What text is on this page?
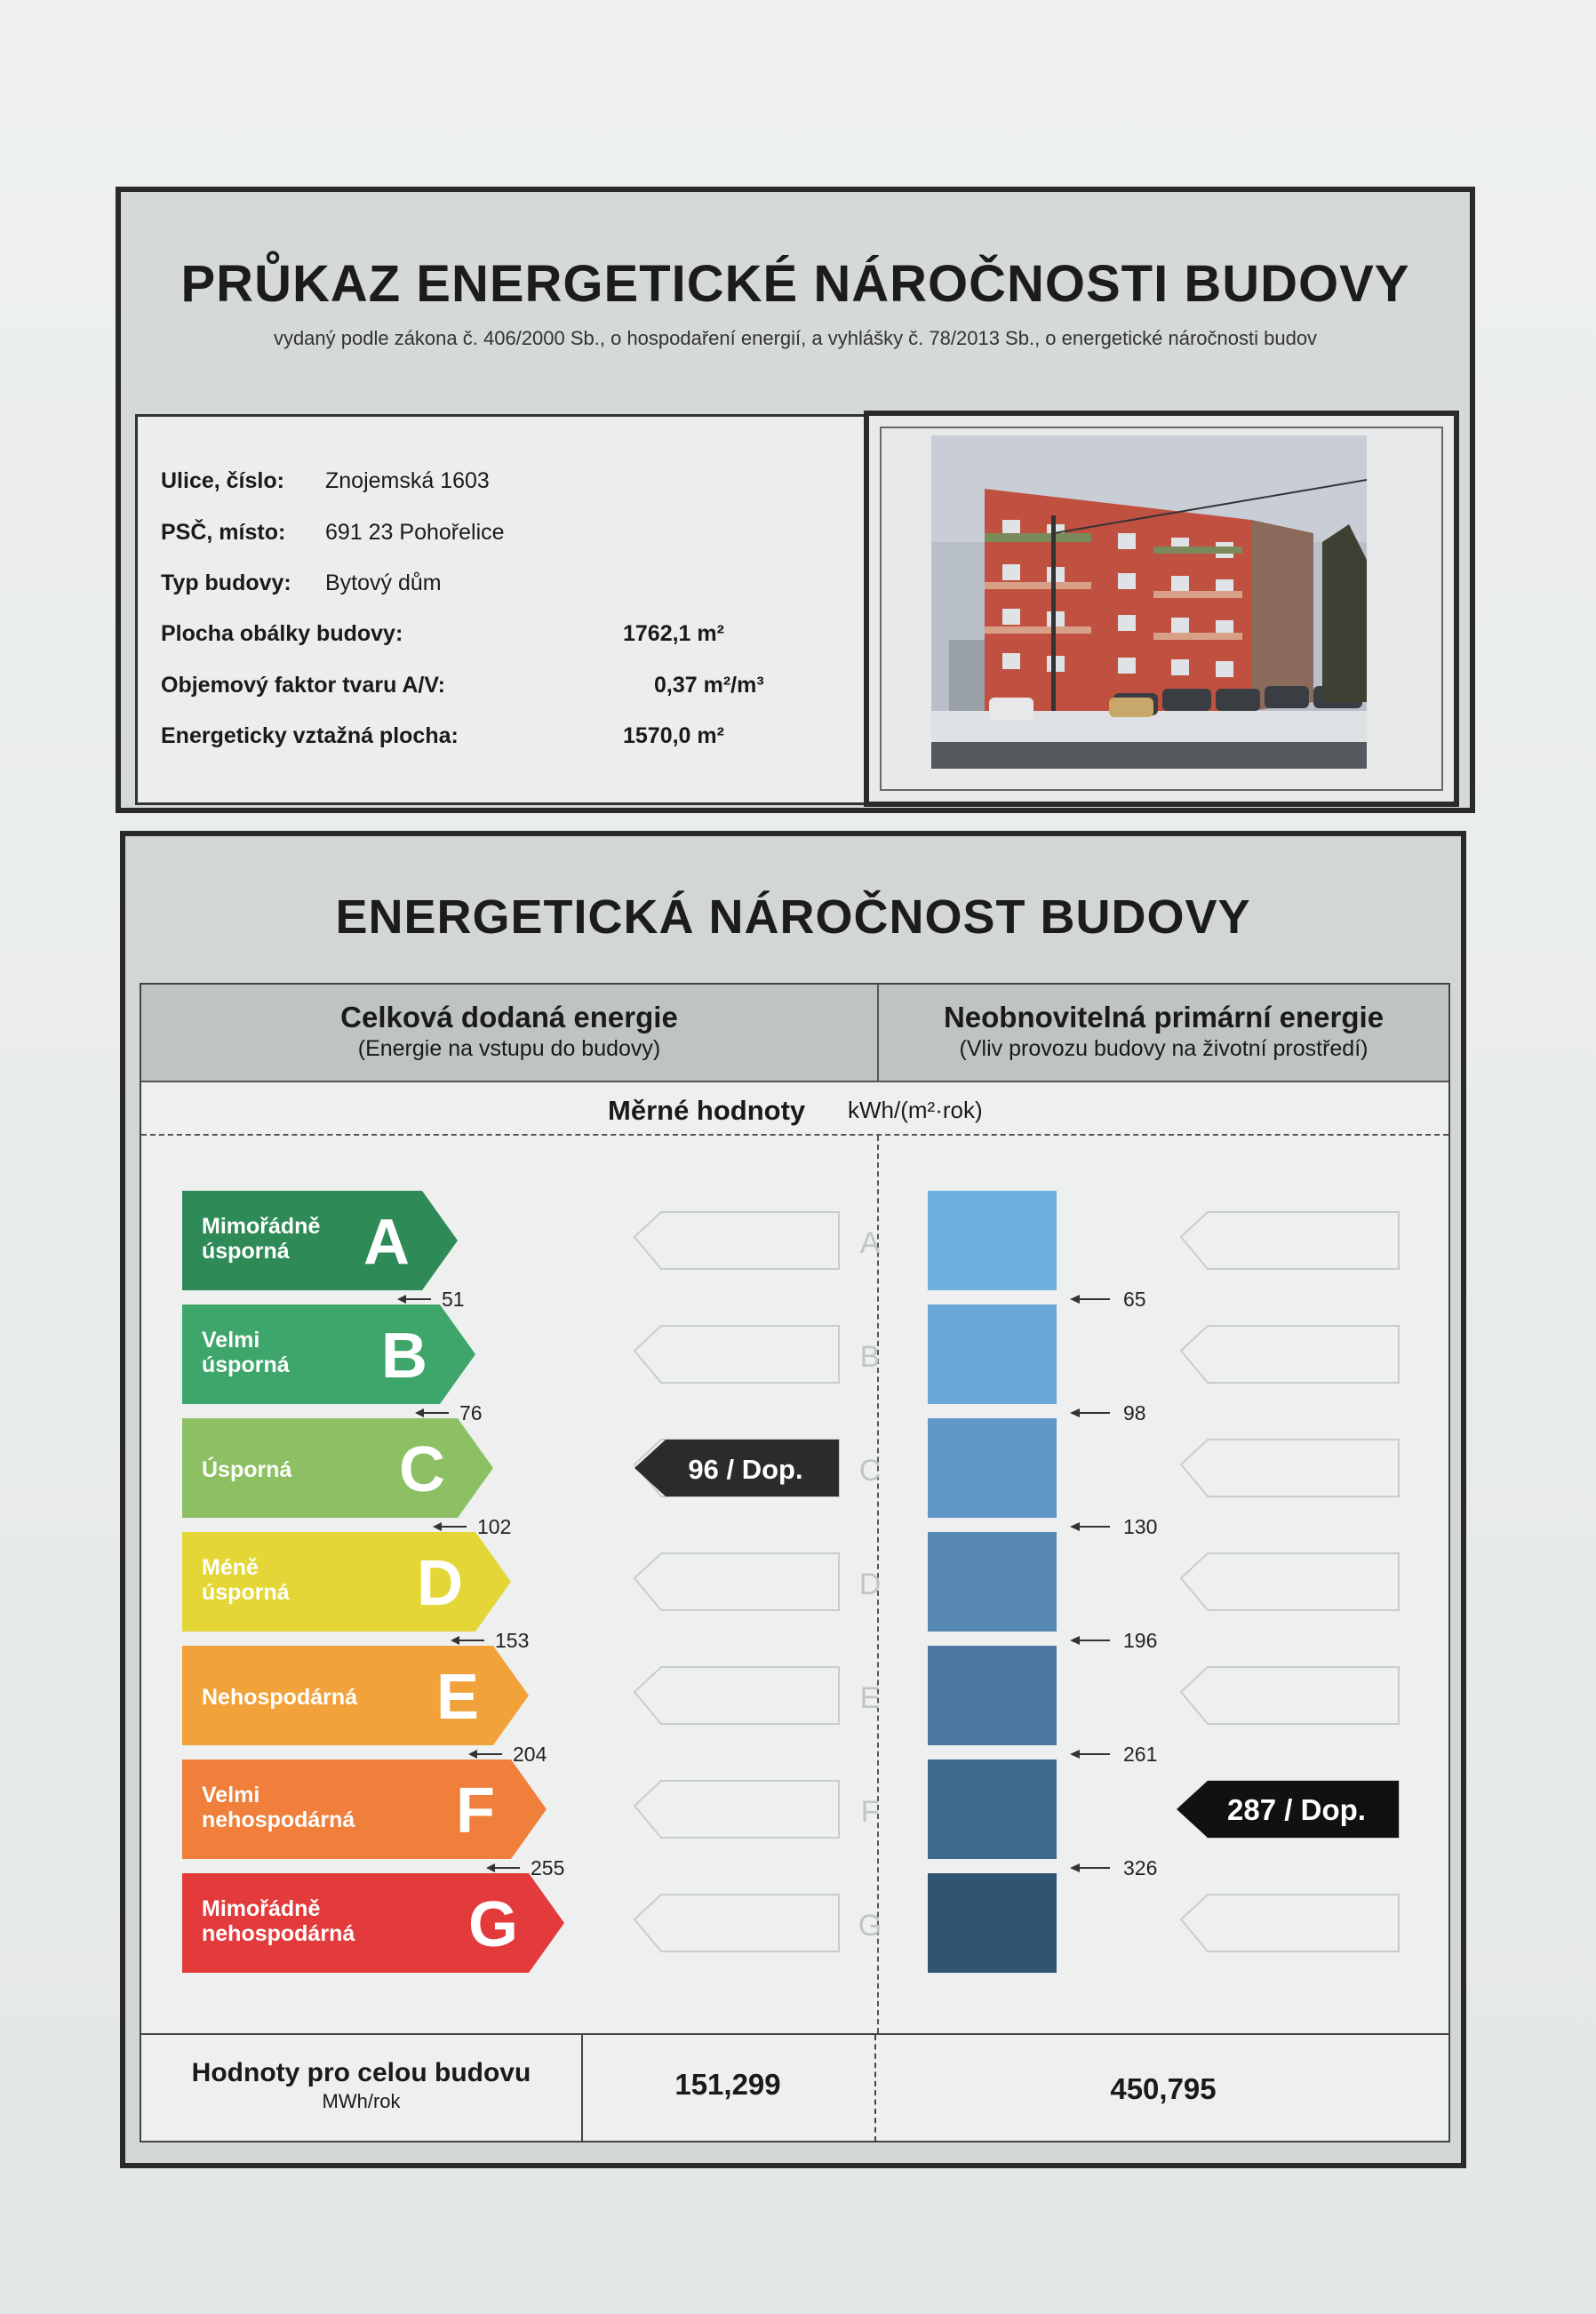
PRŮKAZ ENERGETICKÉ NÁROČNOSTI BUDOVY
vydaný podle zákona č. 406/2000 Sb., o hospodaření energií, a vyhlášky č. 78/2013 Sb., o energetické náročnosti budov
Ulice, číslo: Znojemská 1603
PSČ, místo: 691 23 Pohořelice
Typ budovy: Bytový dům
Plocha obálky budovy:	1762,1 m²
Objemový faktor tvaru A/V:	0,37 m²/m³
Energeticky vztažná plocha:	1570,0 m²
ENERGETICKÁ NÁROČNOST BUDOVY
Celková dodaná energie
(Energie na vstupu do budovy)
Neobnovitelná primární energie
(Vliv provozu budovy na životní prostředí)
Měrné hodnoty kWh/(m²·rok)
Mimořádně úsporná	A	A
Velmi úsporná B	B
Úsporná C	C
Méně úsporná D	D
Nehospodárná E	E
Velmi nehospodárná F	F
Mimořádně nehospodárná G	G
51
76
102
153
204
255
65
98
130
196
261
326
96 / Dop.
287 / Dop.
Hodnoty pro celou budovu
MWh/rok
151,299	450,795
